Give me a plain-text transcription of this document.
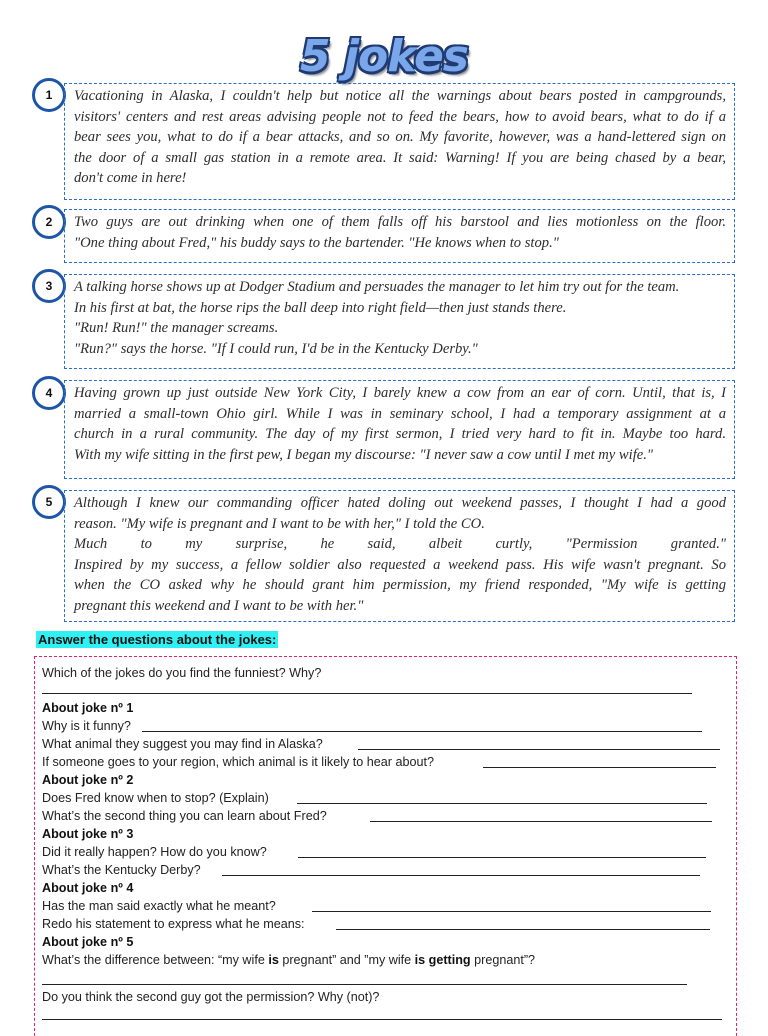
5 jokes
1	Vacationing in Alaska, I couldn't help but notice all the warnings about bears posted in campgrounds,
visitors' centers and rest areas advising people not to feed the bears, how to avoid bears, what to do if a
bear sees you, what to do if a bear attacks, and so on. My favorite, however, was a hand-lettered sign on
the door of a small gas station in a remote area. It said: Warning! If you are being chased by a bear,
don't come in here!
2	Two guys are out drinking when one of them falls off his barstool and lies motionless on the floor.
"One thing about Fred," his buddy says to the bartender. "He knows when to stop."
3	A talking horse shows up at Dodger Stadium and persuades the manager to let him try out for the team.
In his first at bat, the horse rips the ball deep into right field—then just stands there.
"Run! Run!" the manager screams.
"Run?" says the horse. "If I could run, I'd be in the Kentucky Derby."
4	Having grown up just outside New York City, I barely knew a cow from an ear of corn. Until, that is, I
married a small-town Ohio girl. While I was in seminary school, I had a temporary assignment at a
church in a rural community. The day of my first sermon, I tried very hard to fit in. Maybe too hard.
With my wife sitting in the first pew, I began my discourse: "I never saw a cow until I met my wife."
5	Although I knew our commanding officer hated doling out weekend passes, I thought I had a good
reason. "My wife is pregnant and I want to be with her," I told the CO.
Much to my surprise, he said, albeit curtly, "Permission granted."
Inspired by my success, a fellow soldier also requested a weekend pass. His wife wasn't pregnant. So
when the CO asked why he should grant him permission, my friend responded, "My wife is getting
pregnant this weekend and I want to be with her."
Answer the questions about the jokes:
Which of the jokes do you find the funniest? Why?
About joke nº 1
Why is it funny?
What animal they suggest you may find in Alaska?
If someone goes to your region, which animal is it likely to hear about?
About joke nº 2
Does Fred know when to stop? (Explain)
What’s the second thing you can learn about Fred?
About joke nº 3
Did it really happen? How do you know?
What’s the Kentucky Derby?
About joke nº 4
Has the man said exactly what he meant?
Redo his statement to express what he means:
About joke nº 5
What’s the difference between: “my wife is pregnant” and ”my wife is getting pregnant”?
Do you think the second guy got the permission? Why (not)?
